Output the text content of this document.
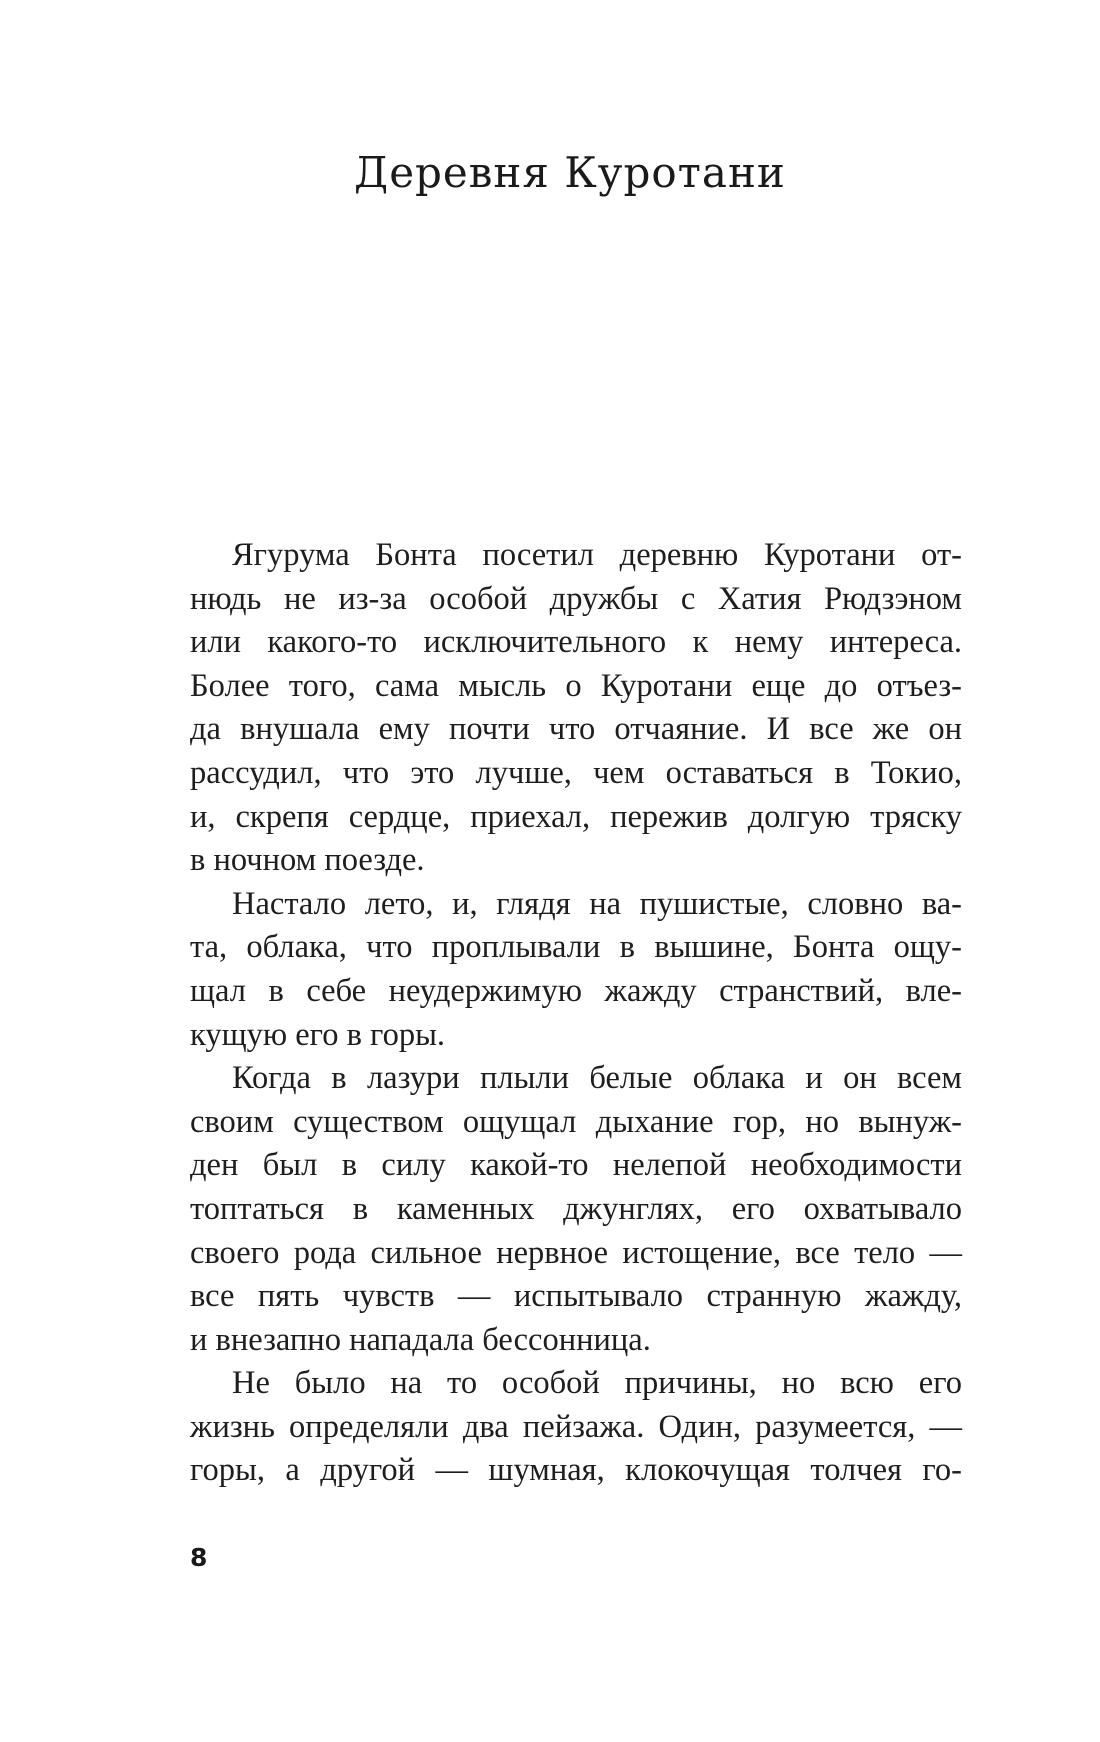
Деревня Куротани
Ягурума Бонта посетил деревню Куротани от-
нюдь не из-за особой дружбы с Хатия Рюдзэном
или какого-то исключительного к нему интереса.
Более того, сама мысль о Куротани еще до отъез-
да внушала ему почти что отчаяние. И все же он
рассудил, что это лучше, чем оставаться в Токио,
и, скрепя сердце, приехал, пережив долгую тряску
в ночном поезде.
Настало лето, и, глядя на пушистые, словно ва-
та, облака, что проплывали в вышине, Бонта ощу-
щал в себе неудержимую жажду странствий, вле-
кущую его в горы.
Когда в лазури плыли белые облака и он всем
своим существом ощущал дыхание гор, но вынуж-
ден был в силу какой-то нелепой необходимости
топтаться в каменных джунглях, его охватывало
своего рода сильное нервное истощение, все тело —
все пять чувств — испытывало странную жажду,
и внезапно нападала бессонница.
Не было на то особой причины, но всю его
жизнь определяли два пейзажа. Один, разумеется, —
горы, а другой — шумная, клокочущая толчея го-
8
